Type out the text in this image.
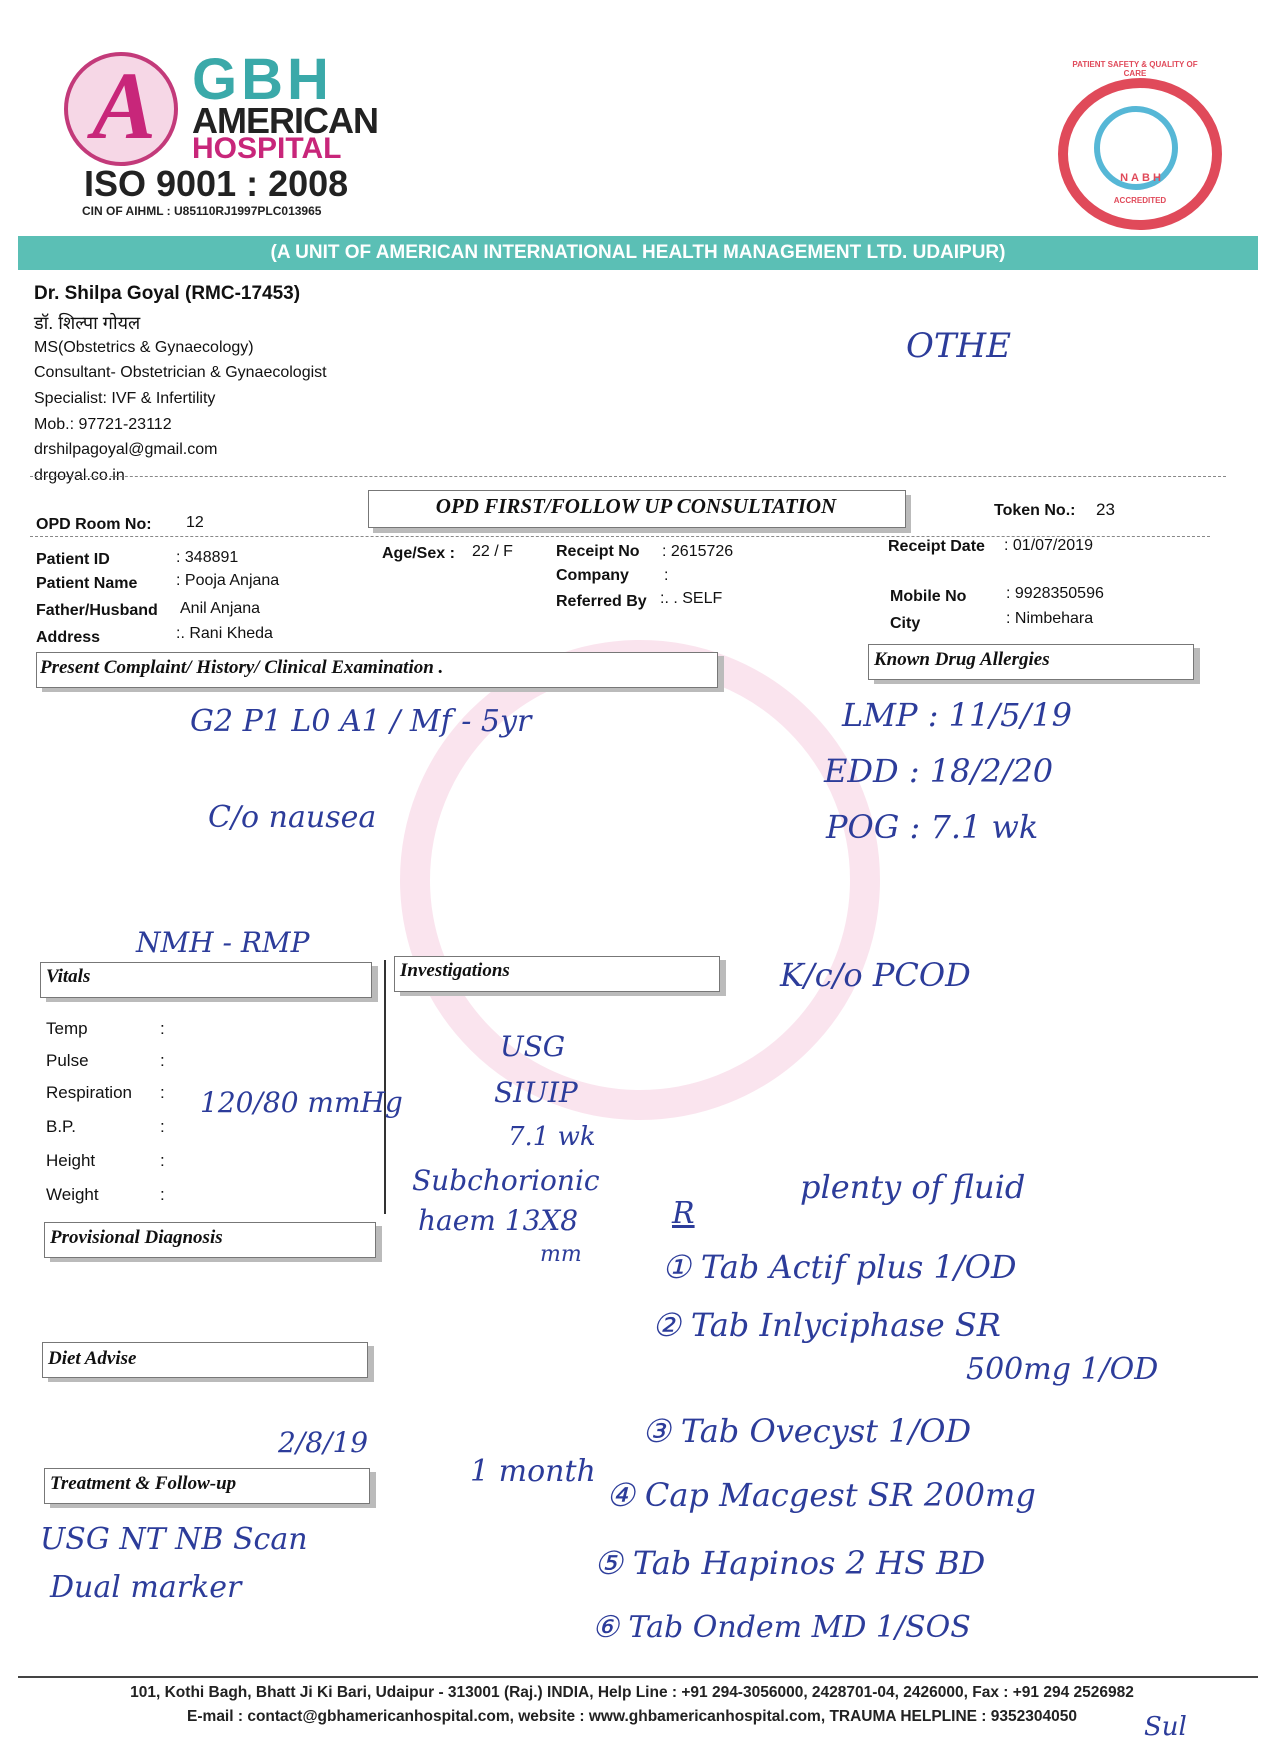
A GBH
AMERICAN
HOSPITAL
ISO 9001 : 2008
CIN OF AIHML : U85110RJ1997PLC013965
NABH
ACCREDITED
PATIENT SAFETY & QUALITY OF CARE
(A UNIT OF AMERICAN INTERNATIONAL HEALTH MANAGEMENT LTD. UDAIPUR)
Dr. Shilpa Goyal (RMC-17453)
डॉ. शिल्पा गोयल
MS(Obstetrics & Gynaecology)
Consultant- Obstetrician & Gynaecologist
Specialist: IVF & Infertility
Mob.: 97721-23112
drshilpagoyal@gmail.com
drgoyal.co.in
OTHE
OPD FIRST/FOLLOW UP CONSULTATION
OPD Room No: 12
Token No.: 23
Patient ID	: 348891
Patient Name : Pooja Anjana
Father/Husband Anil Anjana
Address	:. Rani Kheda
Age/Sex : 22 / F	Receipt No : 2615726
Company :
Referred By :. . SELF
Receipt Date : 01/07/2019
Mobile No : 9928350596
City	: Nimbehara
Present Complaint/ History/ Clinical Examination .	Known Drug Allergies
G2 P1 L0 A1 / Mf - 5yr
C/o nausea
LMP : 11/5/19
EDD : 18/2/20
POG : 7.1 wk
NMH - RMP
K/c/o PCOD
Vitals	Investigations
Temp	:
Pulse	:
Respiration :
B.P.	:
Height	:
Weight	:
120/80 mmHg
USG
SIUIP
7.1 wk
Subchorionic
haem 13X8
mm
Provisional Diagnosis
Diet Advise
Treatment & Follow-up
R
plenty of fluid
① Tab Actif plus 1/OD
② Tab Inlyciphase SR
500mg 1/OD
③ Tab Ovecyst 1/OD
④ Cap Macgest SR 200mg
⑤ Tab Hapinos 2 HS BD
⑥ Tab Ondem MD 1/SOS
2/8/19
1 month
USG NT NB Scan
Dual marker
101, Kothi Bagh, Bhatt Ji Ki Bari, Udaipur - 313001 (Raj.) INDIA, Help Line : +91 294-3056000, 2428701-04, 2426000, Fax : +91 294 2526982
E-mail : contact@gbhamericanhospital.com, website : www.ghbamericanhospital.com, TRAUMA HELPLINE : 9352304050	Sul
